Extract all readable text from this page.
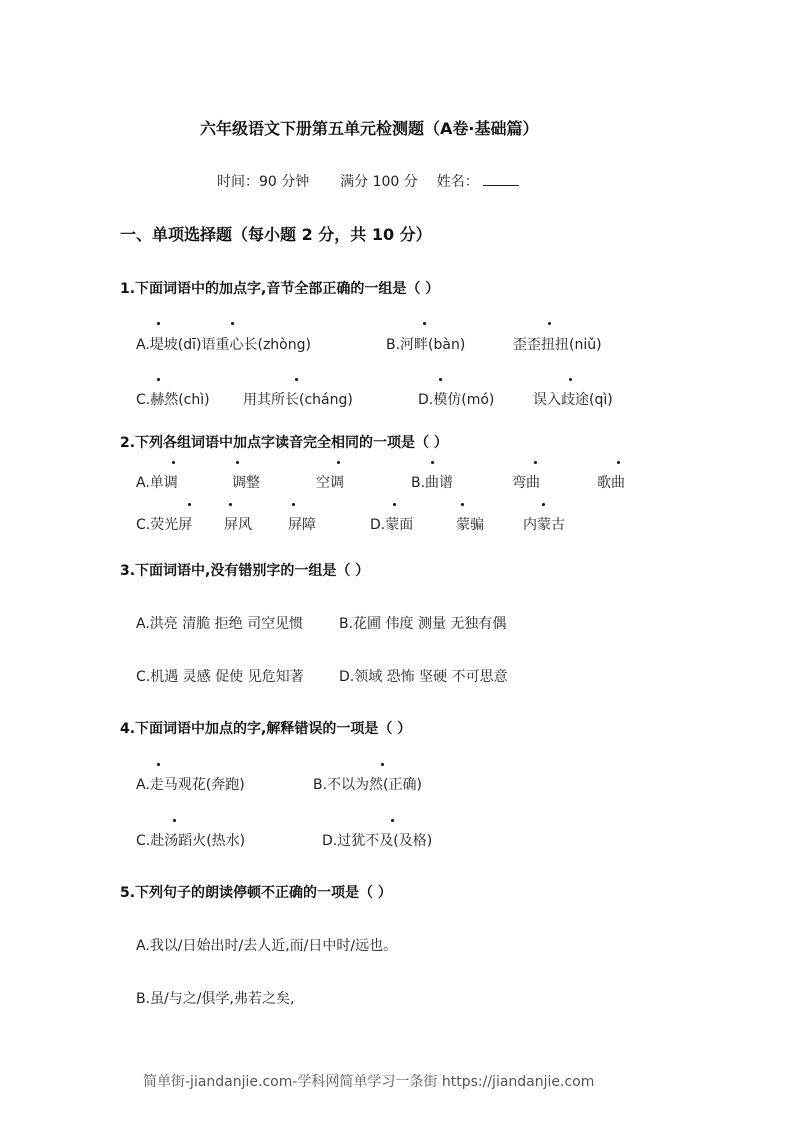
六年级语文下册第五单元检测题（A卷·基础篇）
时间：90 分钟 满分 100 分 姓名：
一、单项选择题（每小题 2 分，共 10 分）
1.下面词语中的加点字,音节全部正确的一组是（ ）
A.堤坡(dī)语重心长(zhòng)	B.河畔(bàn)	歪歪扭扭(niǔ)
C.赫然(chì) 用其所长(cháng)	D.模仿(mó)	误入歧途(qì)
2.下列各组词语中加点字读音完全相同的一项是（ ）
A.单调	调整	空调	B.曲谱	弯曲	歌曲
C.荧光屏 屏风	屏障	D.蒙面	蒙骗	内蒙古
3.下面词语中,没有错别字的一组是（ ）
A.洪亮 清脆 拒绝 司空见惯	B.花圃 伟度 测量 无独有偶
C.机遇 灵感 促使 见危知著	D.领域 恐怖 坚硬 不可思意
4.下面词语中加点的字,解释错误的一项是（ ）
A.走马观花(奔跑)	B.不以为然(正确)
C.赴汤蹈火(热水)	D.过犹不及(及格)
5.下列句子的朗读停顿不正确的一项是（ ）
A.我以/日始出时/去人近,而/日中时/远也。
B.虽/与之/俱学,弗若之矣,
简单街-jiandanjie.com-学科网简单学习一条街 https://jiandanjie.com
